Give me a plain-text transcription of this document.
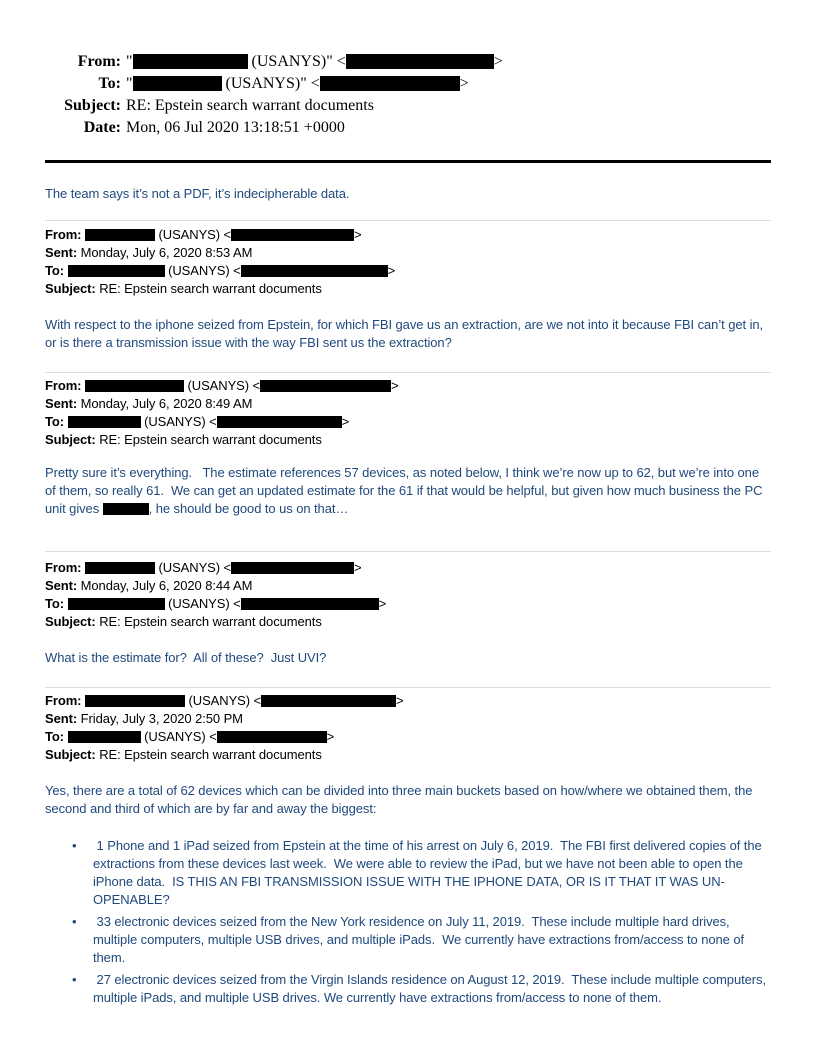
From: "	(USANYS)" <	>
To: "	(USANYS)" <	>
Subject: RE: Epstein search warrant documents
Date: Mon, 06 Jul 2020 13:18:51 +0000

The team says it’s not a PDF, it’s indecipherable data.

From:	(USANYS) <	>
Sent: Monday, July 6, 2020 8:53 AM
To:	(USANYS) <	>
Subject: RE: Epstein search warrant documents

With respect to the iphone seized from Epstein, for which FBI gave us an extraction, are we not into it because FBI can’t get in, or is there a transmission issue with the way FBI sent us the extraction?

From:	(USANYS) <	>
Sent: Monday, July 6, 2020 8:49 AM
To:	(USANYS) <	>
Subject: RE: Epstein search warrant documents

Pretty sure it’s everything.   The estimate references 57 devices, as noted below, I think we’re now up to 62, but we’re into one of them, so really 61.  We can get an updated estimate for the 61 if that would be helpful, but given how much business the PC unit gives	, he should be good to us on that…

From:	(USANYS) <	>
Sent: Monday, July 6, 2020 8:44 AM
To:	(USANYS) <	>
Subject: RE: Epstein search warrant documents

What is the estimate for?  All of these?  Just UVI?

From:	(USANYS) <	>
Sent: Friday, July 3, 2020 2:50 PM
To:	(USANYS) <	>
Subject: RE: Epstein search warrant documents

Yes, there are a total of 62 devices which can be divided into three main buckets based on how/where we obtained them, the second and third of which are by far and away the biggest:

•  1 Phone and 1 iPad seized from Epstein at the time of his arrest on July 6, 2019.  The FBI first delivered copies of the extractions from these devices last week.  We were able to review the iPad, but we have not been able to open the iPhone data.  IS THIS AN FBI TRANSMISSION ISSUE WITH THE IPHONE DATA, OR IS IT THAT IT WAS UN-OPENABLE?
•  33 electronic devices seized from the New York residence on July 11, 2019.  These include multiple hard drives, multiple computers, multiple USB drives, and multiple iPads.  We currently have extractions from/access to none of them.
•  27 electronic devices seized from the Virgin Islands residence on August 12, 2019.  These include multiple computers, multiple iPads, and multiple USB drives. We currently have extractions from/access to none of them.
